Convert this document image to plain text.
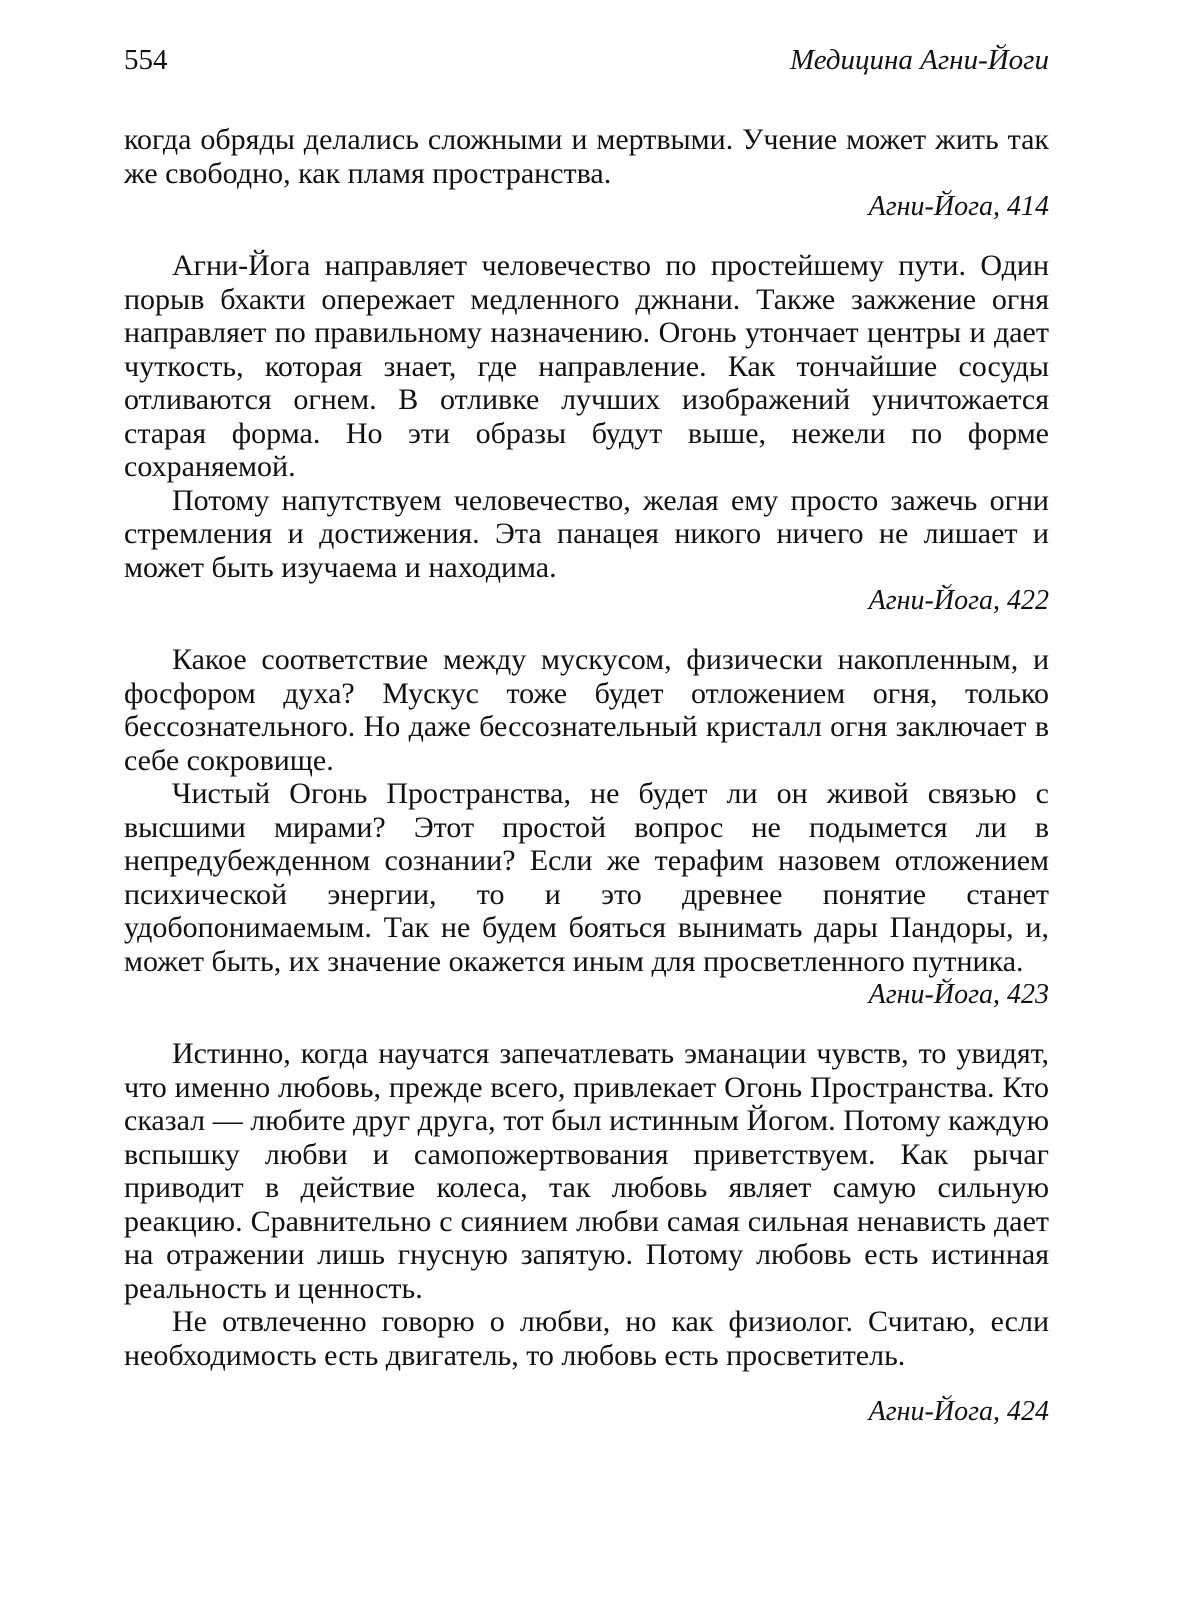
554	Медицина Агни-Йоги

когда обряды делались сложными и мертвыми. Учение может жить так же свободно, как пламя пространства.

Агни-Йога, 414

Агни-Йога направляет человечество по простейшему пути. Один порыв бхакти опережает медленного джнани. Также зажжение огня направляет по правильному назначению. Огонь утончает центры и дает чуткость, которая знает, где направление. Как тончайшие сосуды отливаются огнем. В отливке лучших изображений уничтожается старая форма. Но эти образы будут выше, нежели по форме сохраняемой.

Потому напутствуем человечество, желая ему просто зажечь огни стремления и достижения. Эта панацея никого ничего не лишает и может быть изучаема и находима.

Агни-Йога, 422

Какое соответствие между мускусом, физически накопленным, и фосфором духа? Мускус тоже будет отложением огня, только бессознательного. Но даже бессознательный кристалл огня заключает в себе сокровище.

Чистый Огонь Пространства, не будет ли он живой связью с высшими мирами? Этот простой вопрос не подымется ли в непредубежденном сознании? Если же терафим назовем отложением психической энергии, то и это древнее понятие станет удобопонимаемым. Так не будем бояться вынимать дары Пандоры, и, может быть, их значение окажется иным для просветленного путника.

Агни-Йога, 423

Истинно, когда научатся запечатлевать эманации чувств, то увидят, что именно любовь, прежде всего, привлекает Огонь Пространства. Кто сказал — любите друг друга, тот был истинным Йогом. Потому каждую вспышку любви и самопожертвования приветствуем. Как рычаг приводит в действие колеса, так любовь являет самую сильную реакцию. Сравнительно с сиянием любви самая сильная ненависть дает на отражении лишь гнусную запятую. Потому любовь есть истинная реальность и ценность.

Не отвлеченно говорю о любви, но как физиолог. Считаю, если необходимость есть двигатель, то любовь есть просветитель.

Агни-Йога, 424
